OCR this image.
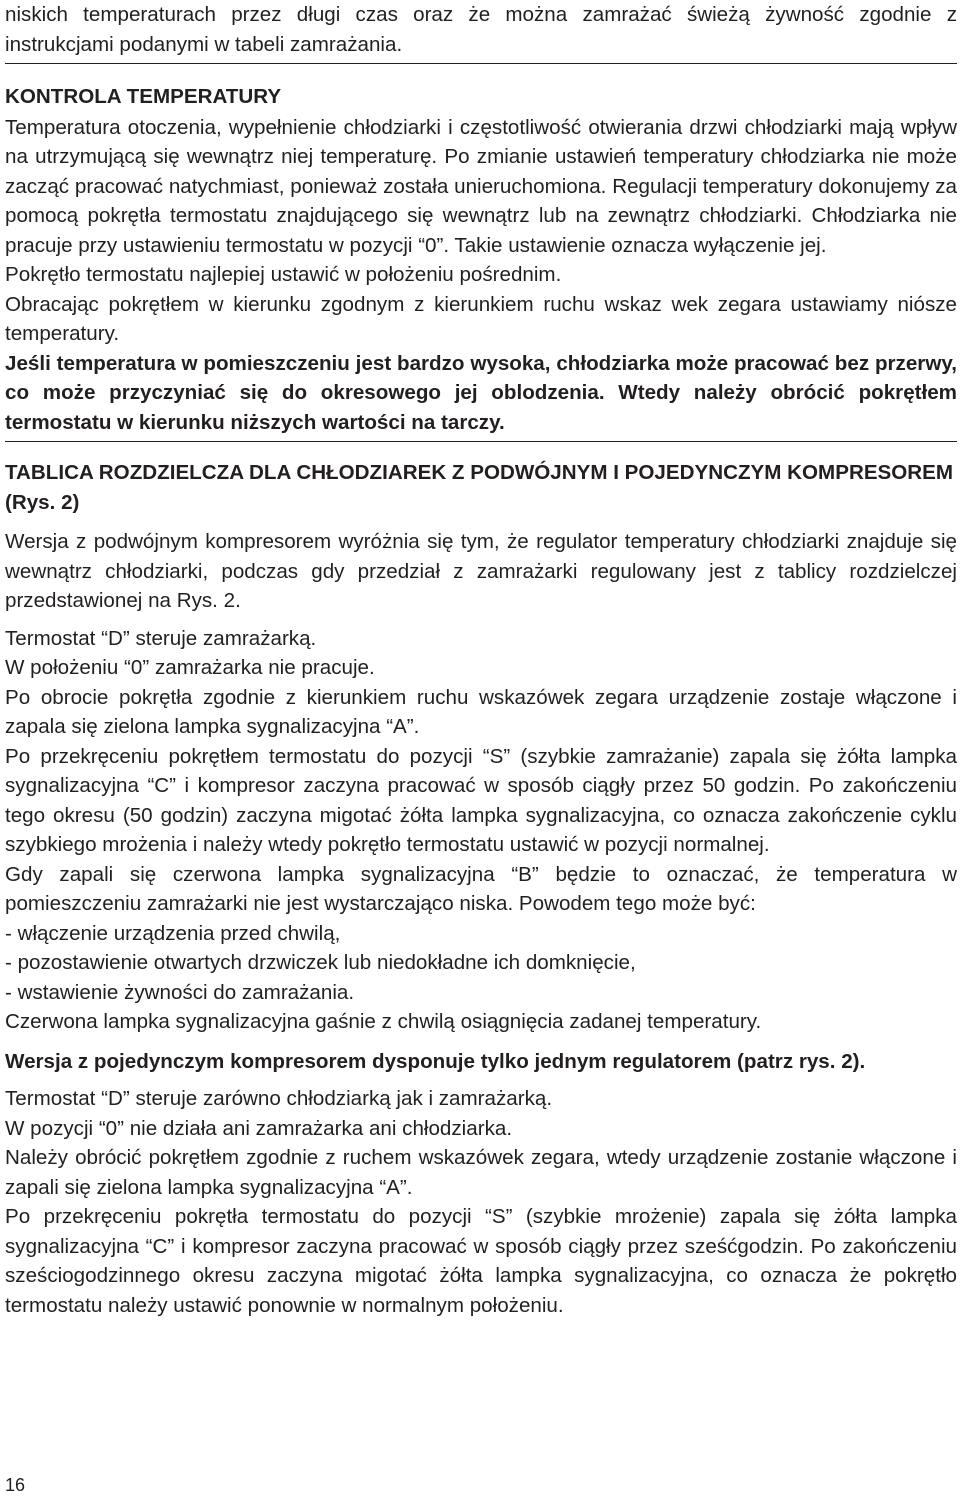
niskich temperaturach przez długi czas oraz że można zamrażać świeżą żywność zgodnie z instrukcjami podanymi w tabeli zamrażania.

KONTROLA TEMPERATURY

Temperatura otoczenia, wypełnienie chłodziarki i częstotliwość otwierania drzwi chłodziarki mają wpływ na utrzymującą się wewnątrz niej temperaturę. Po zmianie ustawień temperatury chłodziarka nie może zacząć pracować natychmiast, ponieważ została unieruchomiona. Regulacji temperatury dokonujemy za pomocą pokrętła termostatu znajdującego się wewnątrz lub na zewnątrz chłodziarki. Chłodziarka nie pracuje przy ustawieniu termostatu w pozycji “0”. Takie ustawienie oznacza wyłączenie jej.

Pokrętło termostatu najlepiej ustawić w położeniu pośrednim.

Obracając pokrętłem w kierunku zgodnym z kierunkiem ruchu wskaz wek zegara ustawiamy niósze temperatury.

Jeśli temperatura w pomieszczeniu jest bardzo wysoka, chłodziarka może pracować bez przerwy, co może przyczyniać się do okresowego jej oblodzenia. Wtedy należy obrócić pokrętłem termostatu w kierunku niższych wartości na tarczy.

TABLICA ROZDZIELCZA DLA CHŁODZIAREK Z PODWÓJNYM I POJEDYNCZYM KOMPRESOREM (Rys. 2)

Wersja z podwójnym kompresorem wyróżnia się tym, że regulator temperatury chłodziarki znajduje się wewnątrz chłodziarki, podczas gdy przedział z zamrażarki regulowany jest z tablicy rozdzielczej przedstawionej na Rys. 2.

Termostat “D” steruje zamrażarką.

W położeniu “0” zamrażarka nie pracuje.

Po obrocie pokrętła zgodnie z kierunkiem ruchu wskazówek zegara urządzenie zostaje włączone i zapala się zielona lampka sygnalizacyjna “A”.

Po przekręceniu pokrętłem termostatu do pozycji “S” (szybkie zamrażanie) zapala się żółta lampka sygnalizacyjna “C” i kompresor zaczyna pracować w sposób ciągły przez 50 godzin. Po zakończeniu tego okresu (50 godzin) zaczyna migotać żółta lampka sygnalizacyjna, co oznacza zakończenie cyklu szybkiego mrożenia i należy wtedy pokrętło termostatu ustawić w pozycji normalnej.

Gdy zapali się czerwona lampka sygnalizacyjna “B” będzie to oznaczać, że temperatura w pomieszczeniu zamrażarki nie jest wystarczająco niska. Powodem tego może być:

- włączenie urządzenia przed chwilą,

- pozostawienie otwartych drzwiczek lub niedokładne ich domknięcie,

- wstawienie żywności do zamrażania.

Czerwona lampka sygnalizacyjna gaśnie z chwilą osiągnięcia zadanej temperatury.

Wersja z pojedynczym kompresorem dysponuje tylko jednym regulatorem (patrz rys. 2).

Termostat “D” steruje zarówno chłodziarką jak i zamrażarką.

W pozycji “0” nie działa ani zamrażarka ani chłodziarka.

Należy obrócić pokrętłem zgodnie z ruchem wskazówek zegara, wtedy urządzenie zostanie włączone i zapali się zielona lampka sygnalizacyjna “A”.

Po przekręceniu pokrętła termostatu do pozycji “S” (szybkie mrożenie) zapala się żółta lampka sygnalizacyjna “C” i kompresor zaczyna pracować w sposób ciągły przez sześćgodzin. Po zakończeniu sześciogodzinnego okresu zaczyna migotać żółta lampka sygnalizacyjna, co oznacza że pokrętło termostatu należy ustawić ponownie w normalnym położeniu.

16
